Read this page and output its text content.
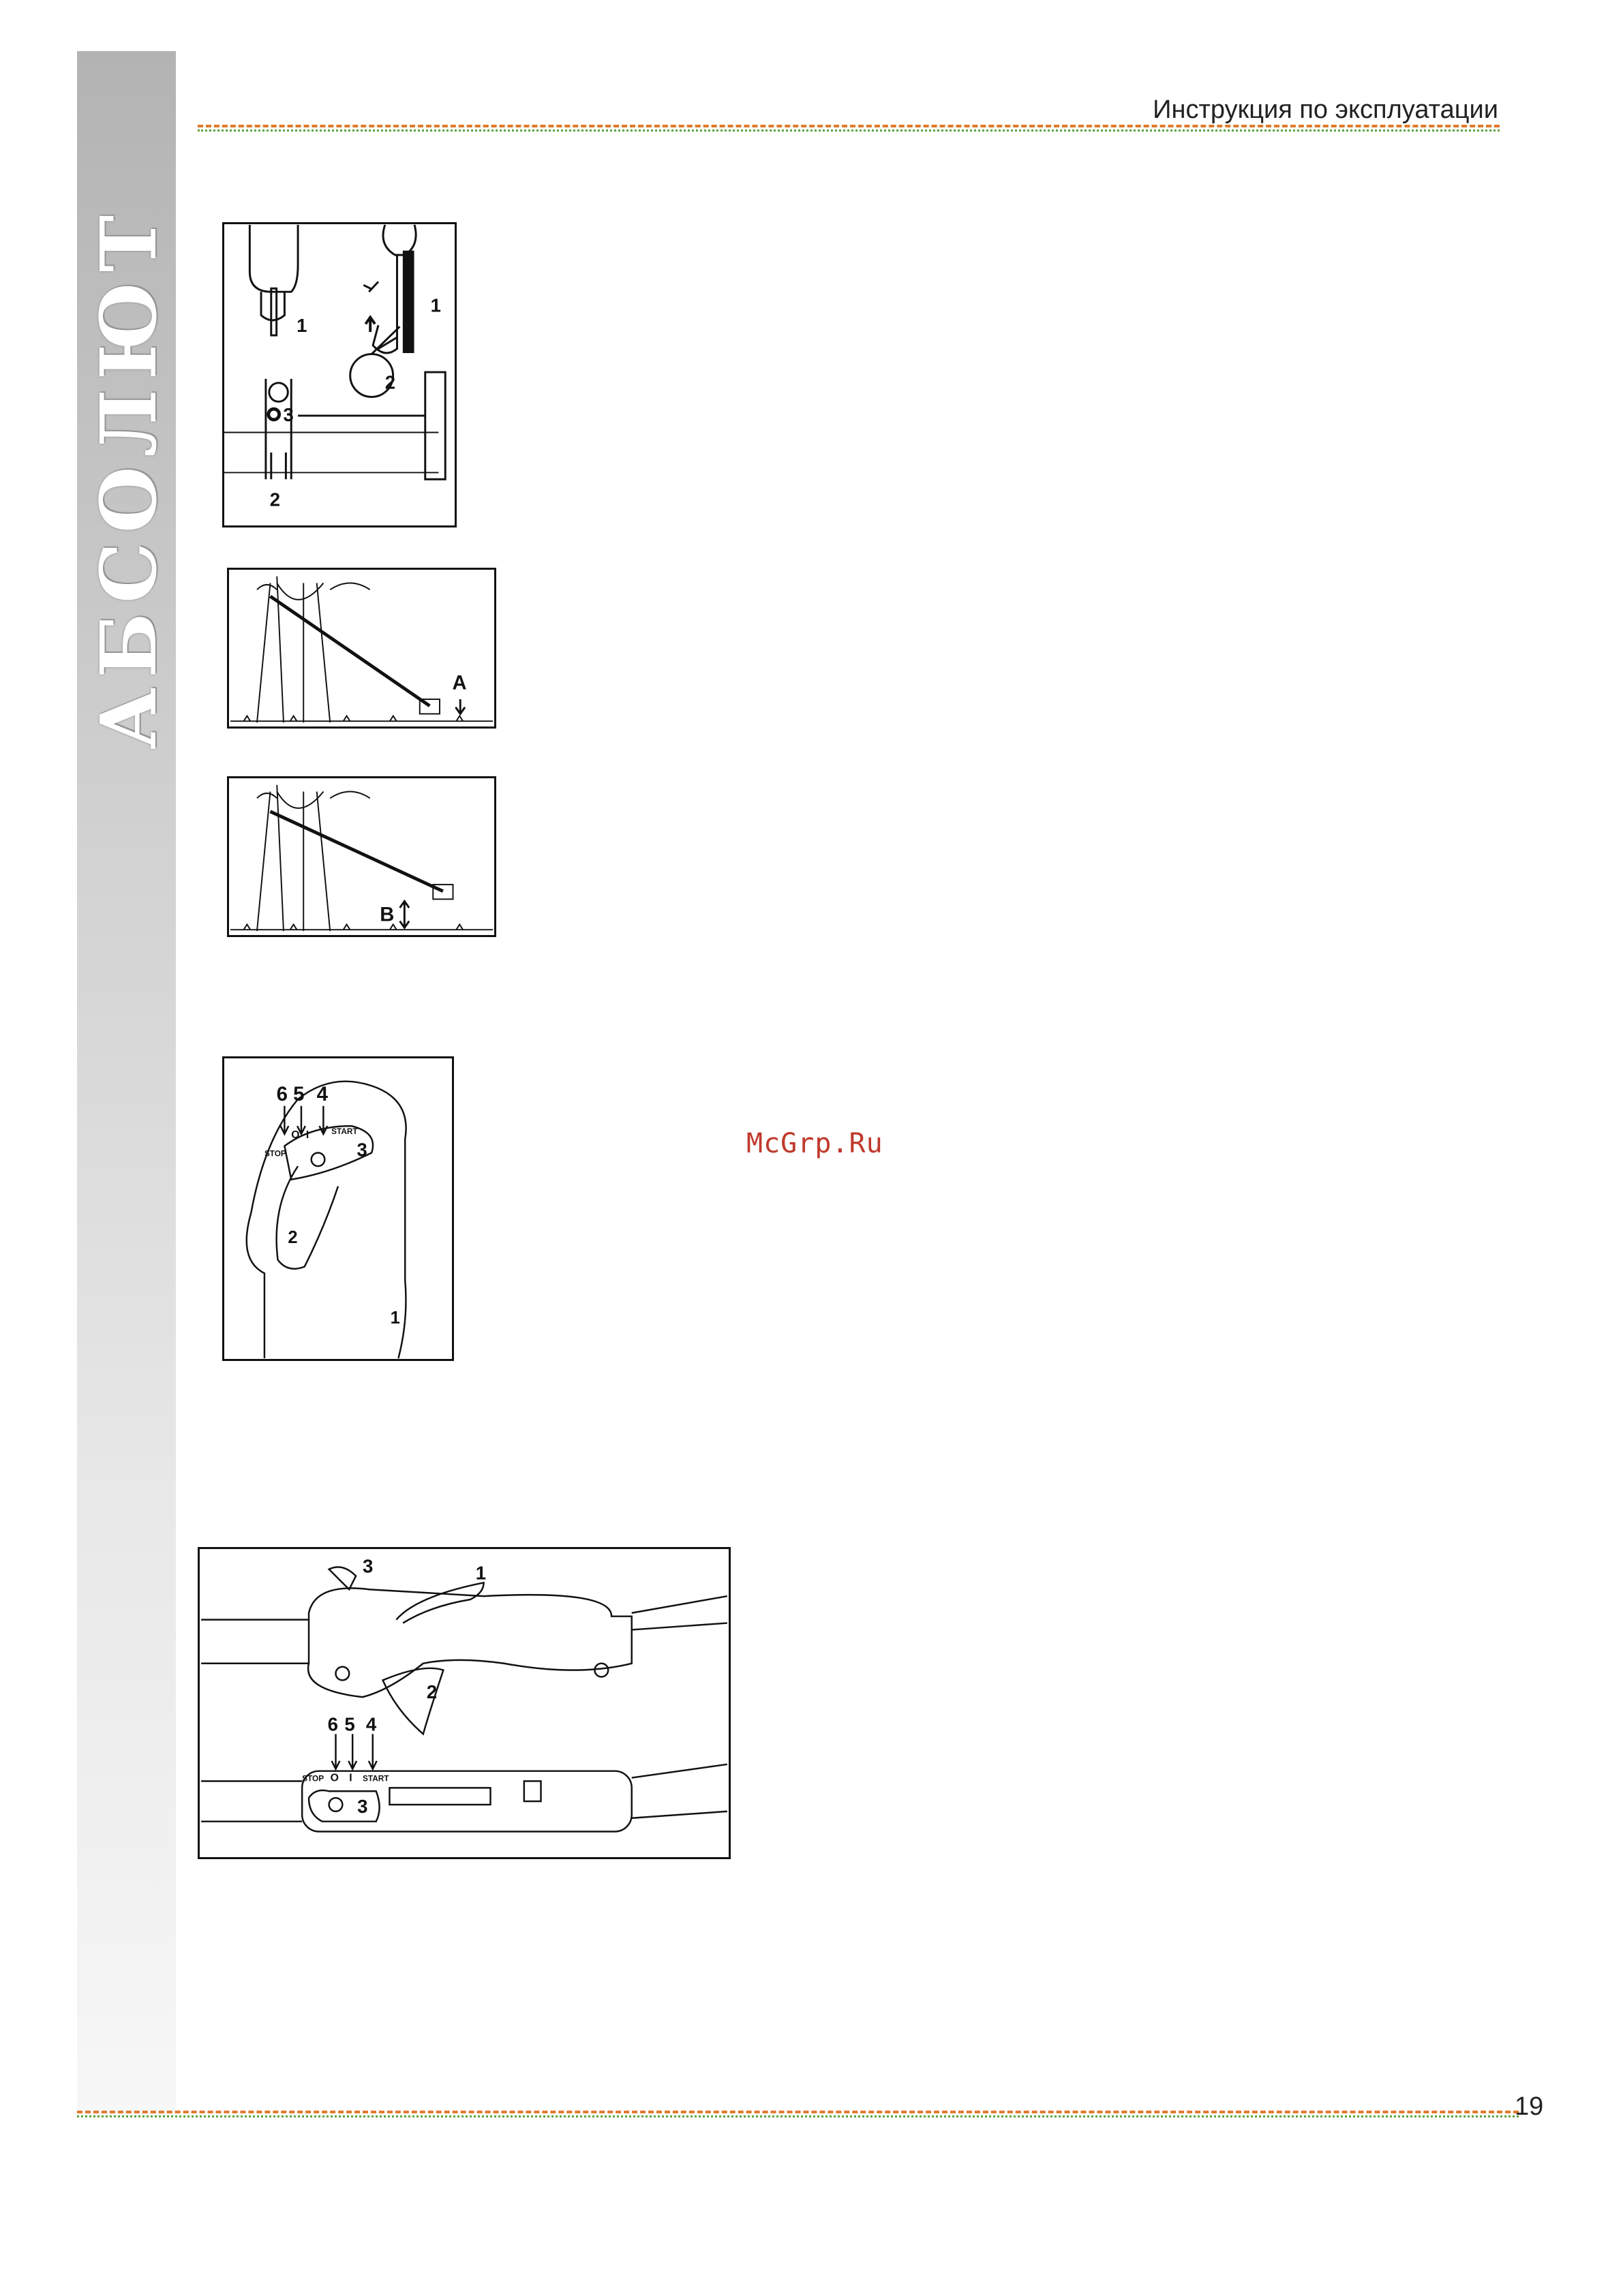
АБСОЛЮТ
Инструкция по эксплуатации
1
1
2
3
2
A
B
McGrp.Ru
6 5 4
STOP
O I	START
3
2
1
3	1
2
6 5 4
STOP O I START
3
19
